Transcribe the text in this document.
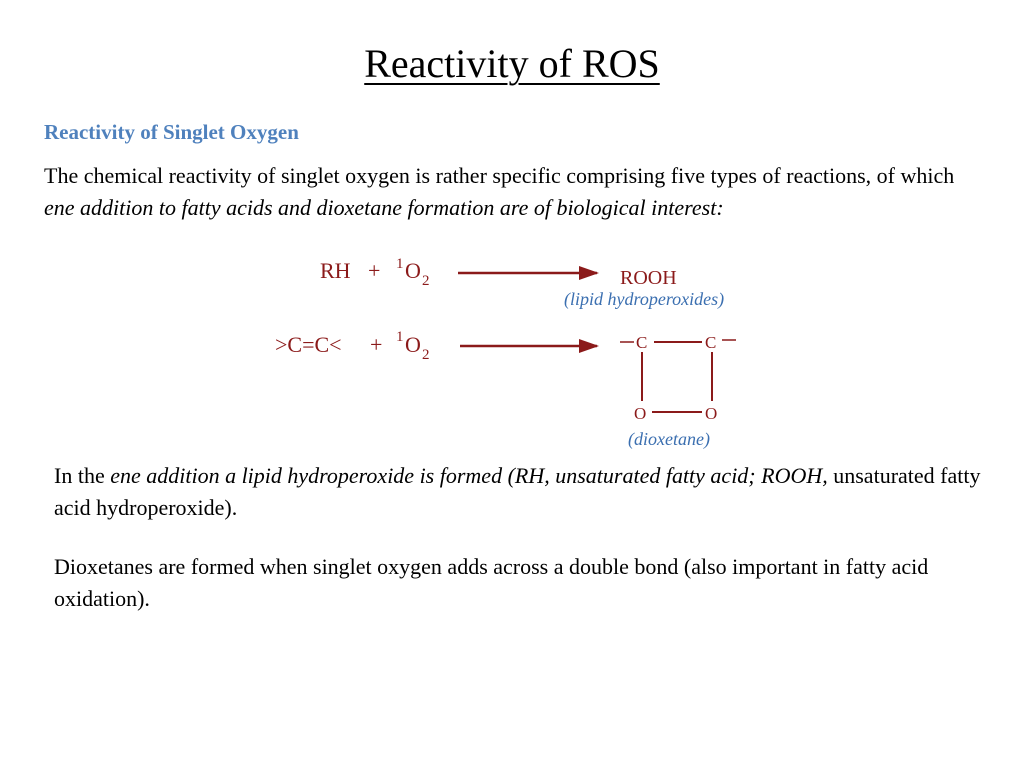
Reactivity of ROS
Reactivity of Singlet Oxygen
The chemical reactivity of singlet oxygen is rather specific comprising five types of reactions, of which ene addition to fatty acids and dioxetane formation are of biological interest:
RH + 1 O 2	ROOH
(lipid hydroperoxides)
>C=C< + 1 O 2
C	C
O	O
(dioxetane)
In the ene addition a lipid hydroperoxide is formed (RH, unsaturated fatty acid; ROOH, unsaturated fatty acid hydroperoxide).
Dioxetanes are formed when singlet oxygen adds across a double bond (also important in fatty acid oxidation).
